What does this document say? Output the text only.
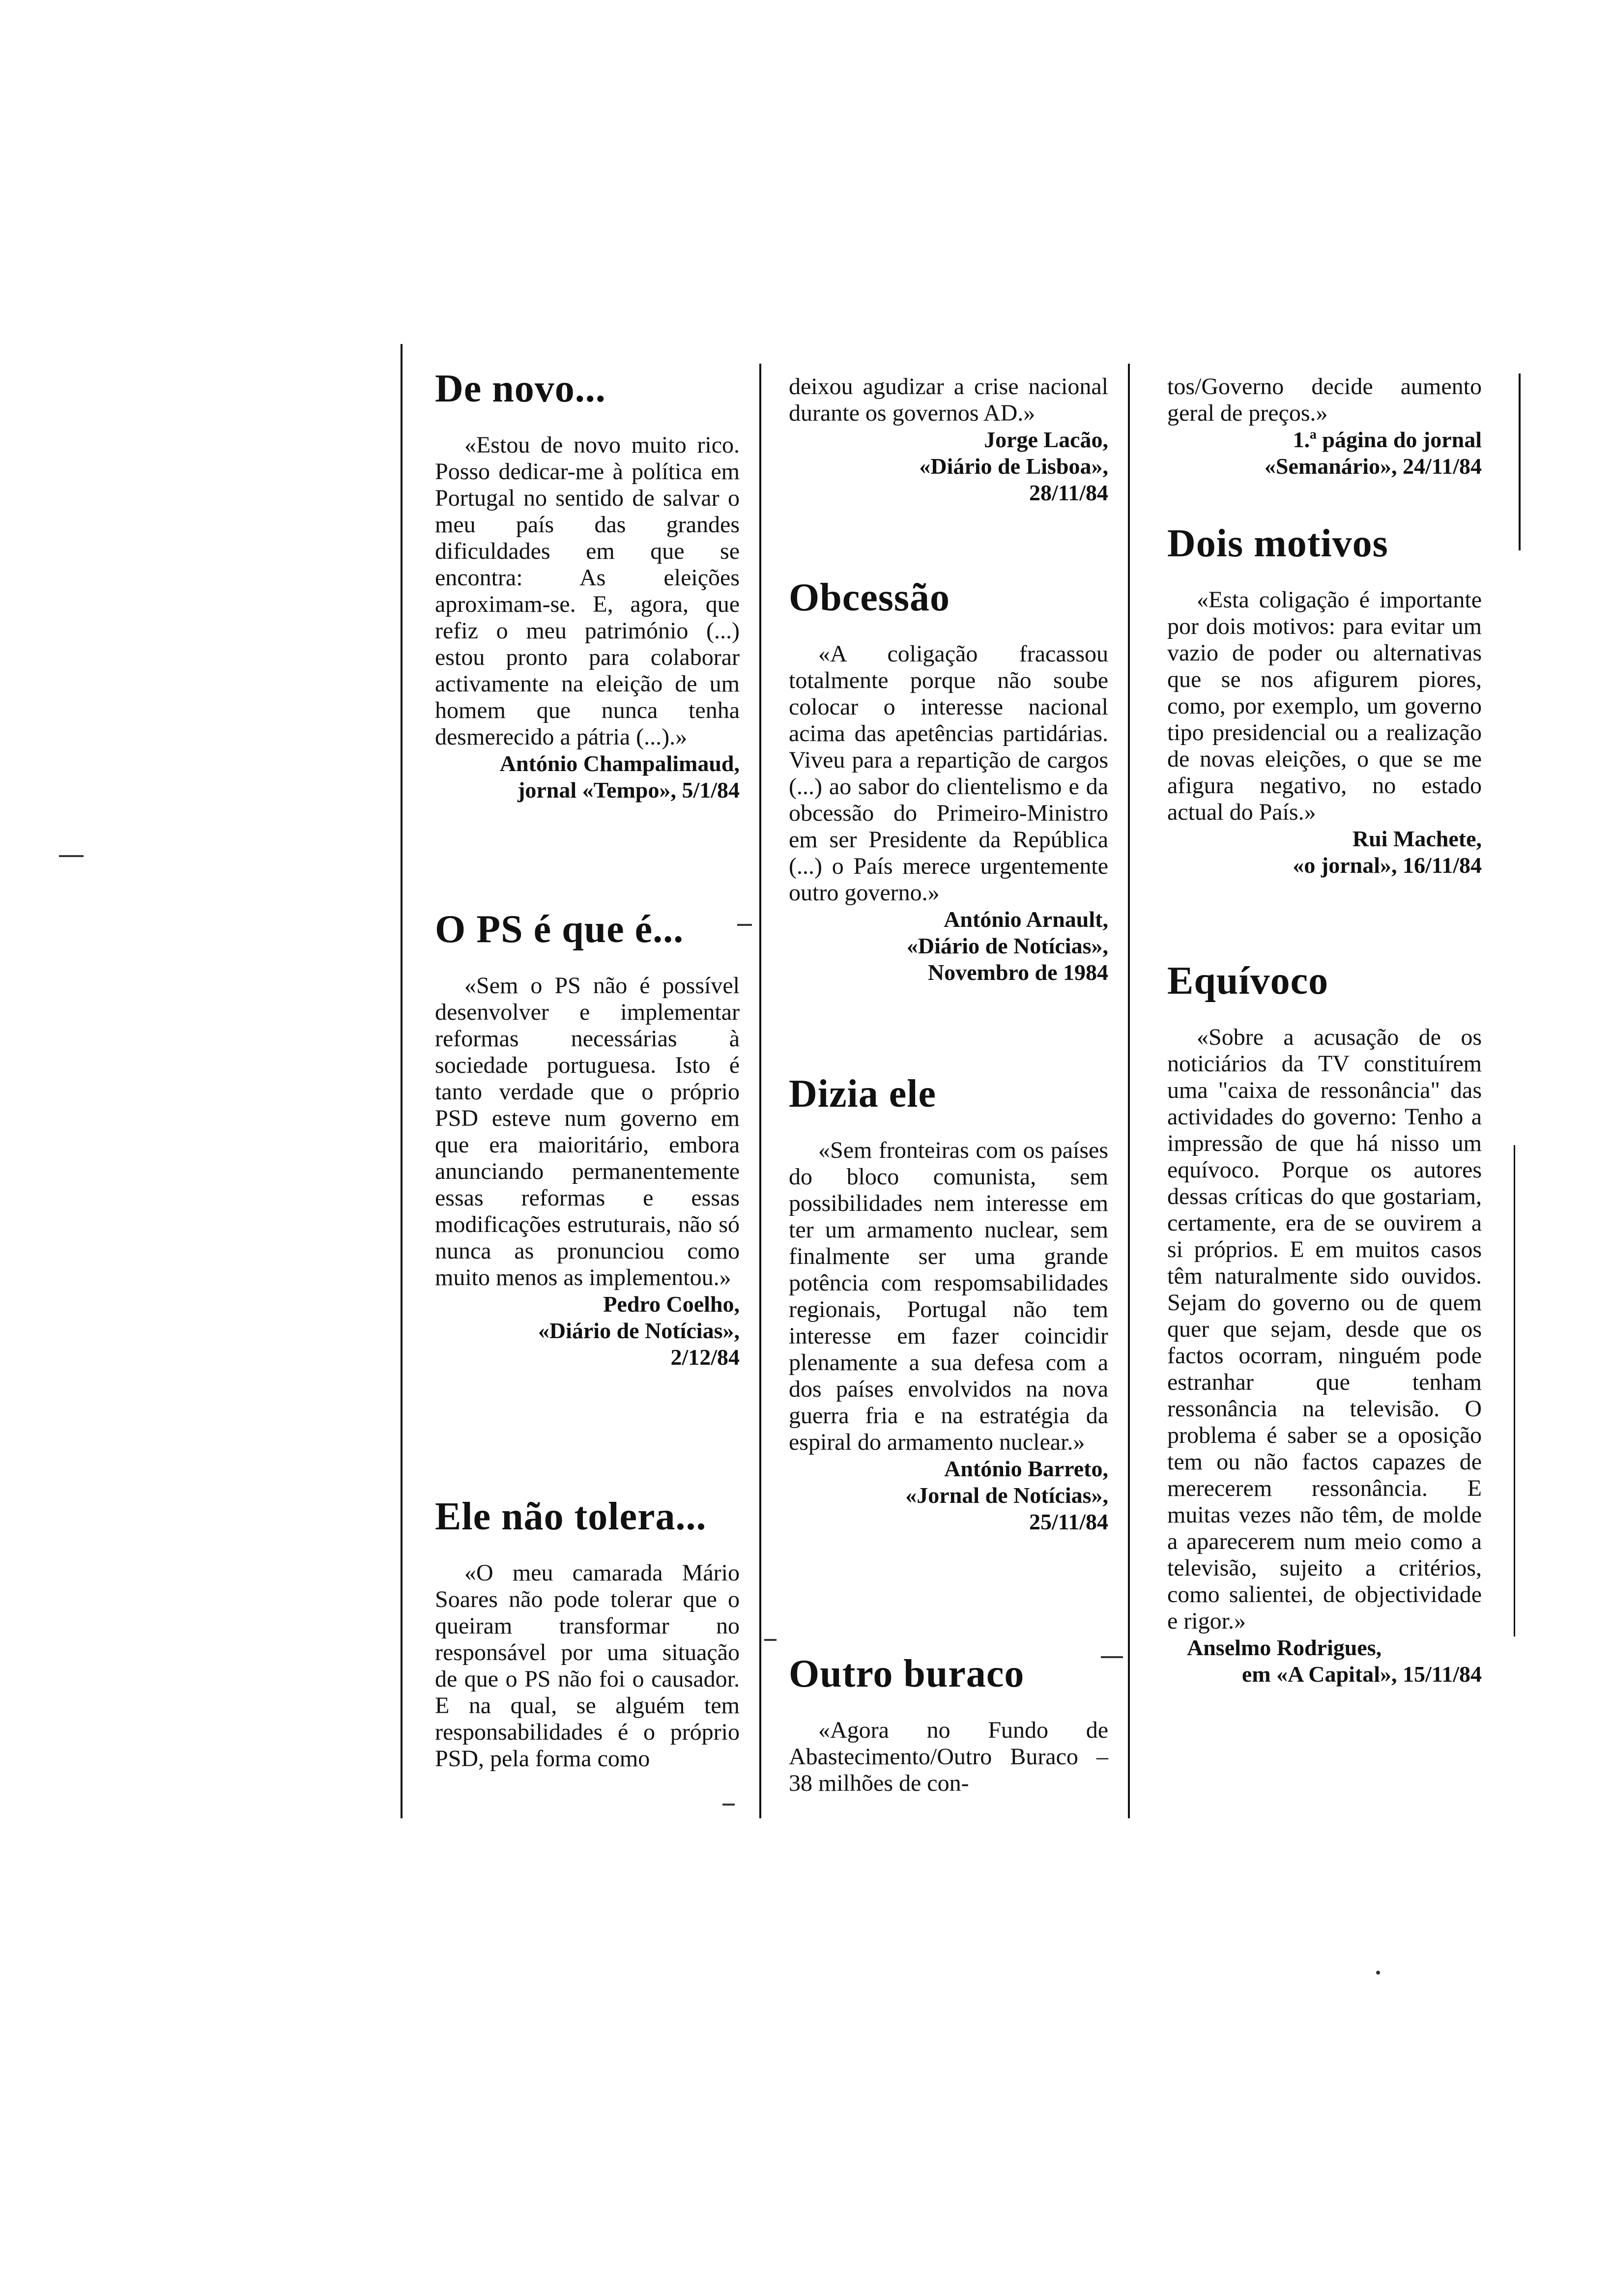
De novo...

«Estou de novo muito rico. Posso dedicar-me à política em Portugal no sentido de salvar o meu país das grandes dificuldades em que se encontra: As eleições aproximam-se. E, agora, que refiz o meu património (...) estou pronto para colaborar activamente na eleição de um homem que nunca tenha desmerecido a pátria (...).»

António Champalimaud,

jornal «Tempo», 5/1/84

O PS é que é...

«Sem o PS não é possível desenvolver e implementar reformas necessárias à sociedade portuguesa. Isto é tanto verdade que o próprio PSD esteve num governo em que era maioritário, embora anunciando permanentemente essas reformas e essas modificações estruturais, não só nunca as pronunciou como muito menos as implementou.»

Pedro Coelho,

«Diário de Notícias»,

2/12/84

Ele não tolera...

«O meu camarada Mário Soares não pode tolerar que o queiram transformar no responsável por uma situação de que o PS não foi o causador. E na qual, se alguém tem responsabilidades é o próprio PSD, pela forma como

deixou agudizar a crise nacional durante os governos AD.»

Jorge Lacão,

«Diário de Lisboa»,

28/11/84

Obcessão

«A coligação fracassou totalmente porque não soube colocar o interesse nacional acima das apetências partidárias. Viveu para a repartição de cargos (...) ao sabor do clientelismo e da obcessão do Primeiro-Ministro em ser Presidente da República (...) o País merece urgentemente outro governo.»

António Arnault,

«Diário de Notícias»,

Novembro de 1984

Dizia ele

«Sem fronteiras com os países do bloco comunista, sem possibilidades nem interesse em ter um armamento nuclear, sem finalmente ser uma grande potência com respomsabilidades regionais, Portugal não tem interesse em fazer coincidir plenamente a sua defesa com a dos países envolvidos na nova guerra fria e na estratégia da espiral do armamento nuclear.»

António Barreto,

«Jornal de Notícias»,

25/11/84

Outro buraco

«Agora no Fundo de Abastecimento/Outro Buraco – 38 milhões de con-

tos/Governo decide aumento geral de preços.»

1.ª página do jornal

«Semanário», 24/11/84

Dois motivos

«Esta coligação é importante por dois motivos: para evitar um vazio de poder ou alternativas que se nos afigurem piores, como, por exemplo, um governo tipo presidencial ou a realização de novas eleições, o que se me afigura negativo, no estado actual do País.»

Rui Machete,

«o jornal», 16/11/84

Equívoco

«Sobre a acusação de os noticiários da TV constituírem uma "caixa de ressonância" das actividades do governo: Tenho a impressão de que há nisso um equívoco. Porque os autores dessas críticas do que gostariam, certamente, era de se ouvirem a si próprios. E em muitos casos têm naturalmente sido ouvidos. Sejam do governo ou de quem quer que sejam, desde que os factos ocorram, ninguém pode estranhar que tenham ressonância na televisão. O problema é saber se a oposição tem ou não factos capazes de merecerem ressonância. E muitas vezes não têm, de molde a aparecerem num meio como a televisão, sujeito a critérios, como salientei, de objectividade e rigor.»

Anselmo Rodrigues,

em «A Capital», 15/11/84
